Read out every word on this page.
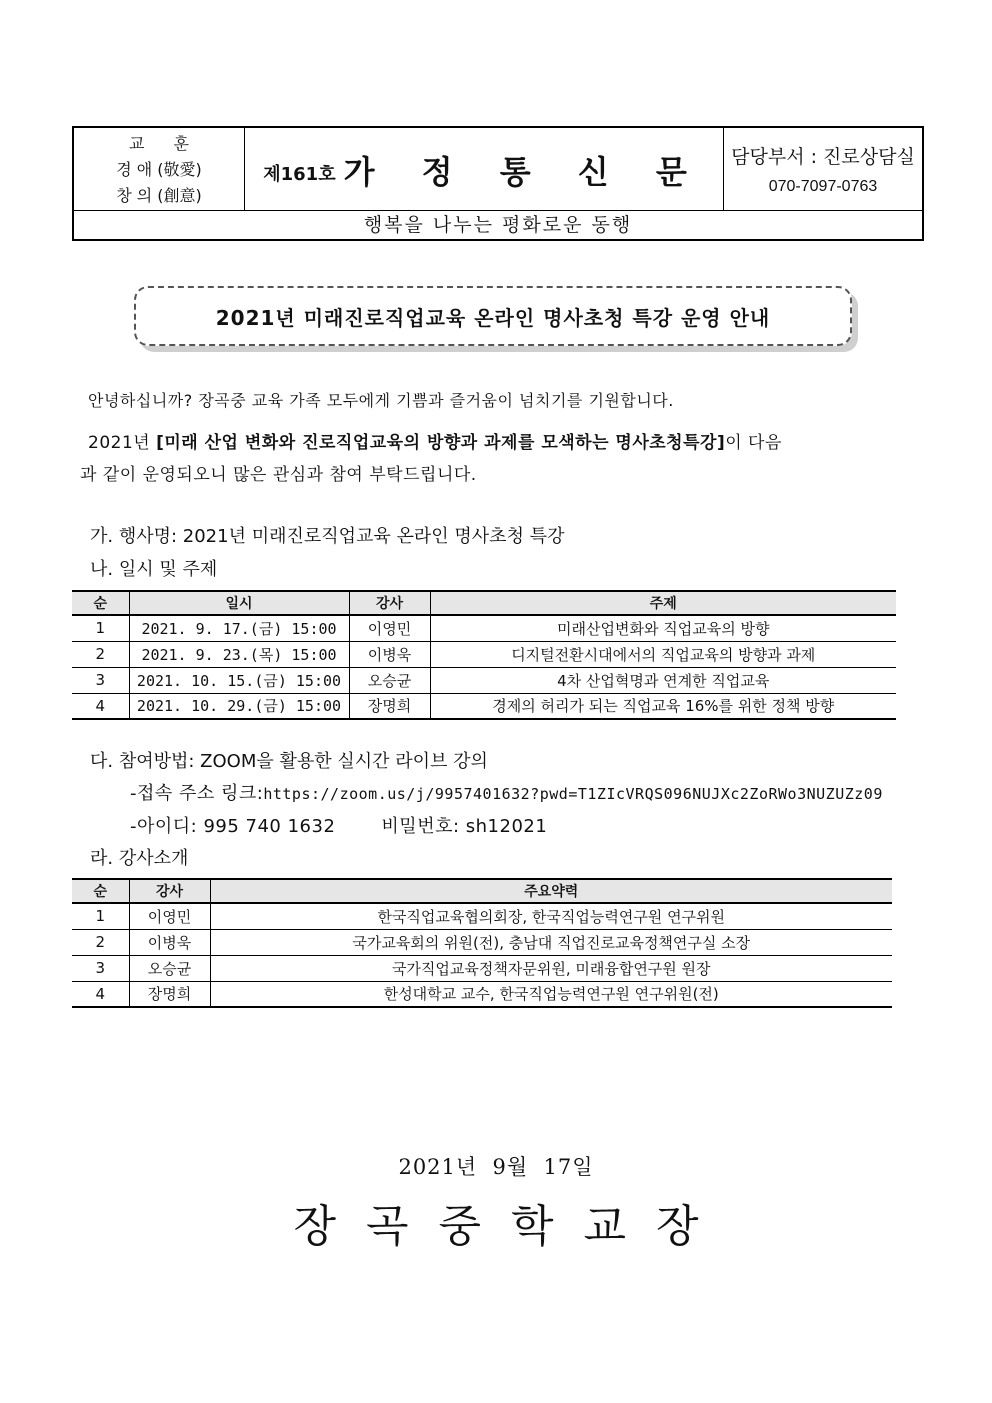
교 훈
경 애 (敬愛)
창 의 (創意)
제161호 가 정 통 신 문	담당부서 : 진로상담실
070-7097-0763
행복을 나누는 평화로운 동행
2021년 미래진로직업교육 온라인 명사초청 특강 운영 안내
안녕하십니까? 장곡중 교육 가족 모두에게 기쁨과 즐거움이 넘치기를 기원합니다.
2021년 [미래 산업 변화와 진로직업교육의 방향과 과제를 모색하는 명사초청특강]이 다음
과 같이 운영되오니 많은 관심과 참여 부탁드립니다.
가. 행사명: 2021년 미래진로직업교육 온라인 명사초청 특강
나. 일시 및 주제
순	일시	강사	주제
1	2021. 9. 17.(금) 15:00	이영민	미래산업변화와 직업교육의 방향
2	2021. 9. 23.(목) 15:00	이병욱	디지털전환시대에서의 직업교육의 방향과 과제
3	2021. 10. 15.(금) 15:00	오승균	4차 산업혁명과 연계한 직업교육
4	2021. 10. 29.(금) 15:00	장명희	경제의 허리가 되는 직업교육 16%를 위한 정책 방향
다. 참여방법: ZOOM을 활용한 실시간 라이브 강의
-접속 주소 링크:https://zoom.us/j/9957401632?pwd=T1ZIcVRQS096NUJXc2ZoRWo3NUZUZz09
-아이디: 995 740 1632	비밀번호: sh12021
라. 강사소개
순	강사	주요약력
1	이영민	한국직업교육협의회장, 한국직업능력연구원 연구위원
2	이병욱	국가교육회의 위원(전), 충남대 직업진로교육정책연구실 소장
3	오승균	국가직업교육정책자문위원, 미래융합연구원 원장
4	장명희	한성대학교 교수, 한국직업능력연구원 연구위원(전)
2021년  9월  17일
장곡중학교장
